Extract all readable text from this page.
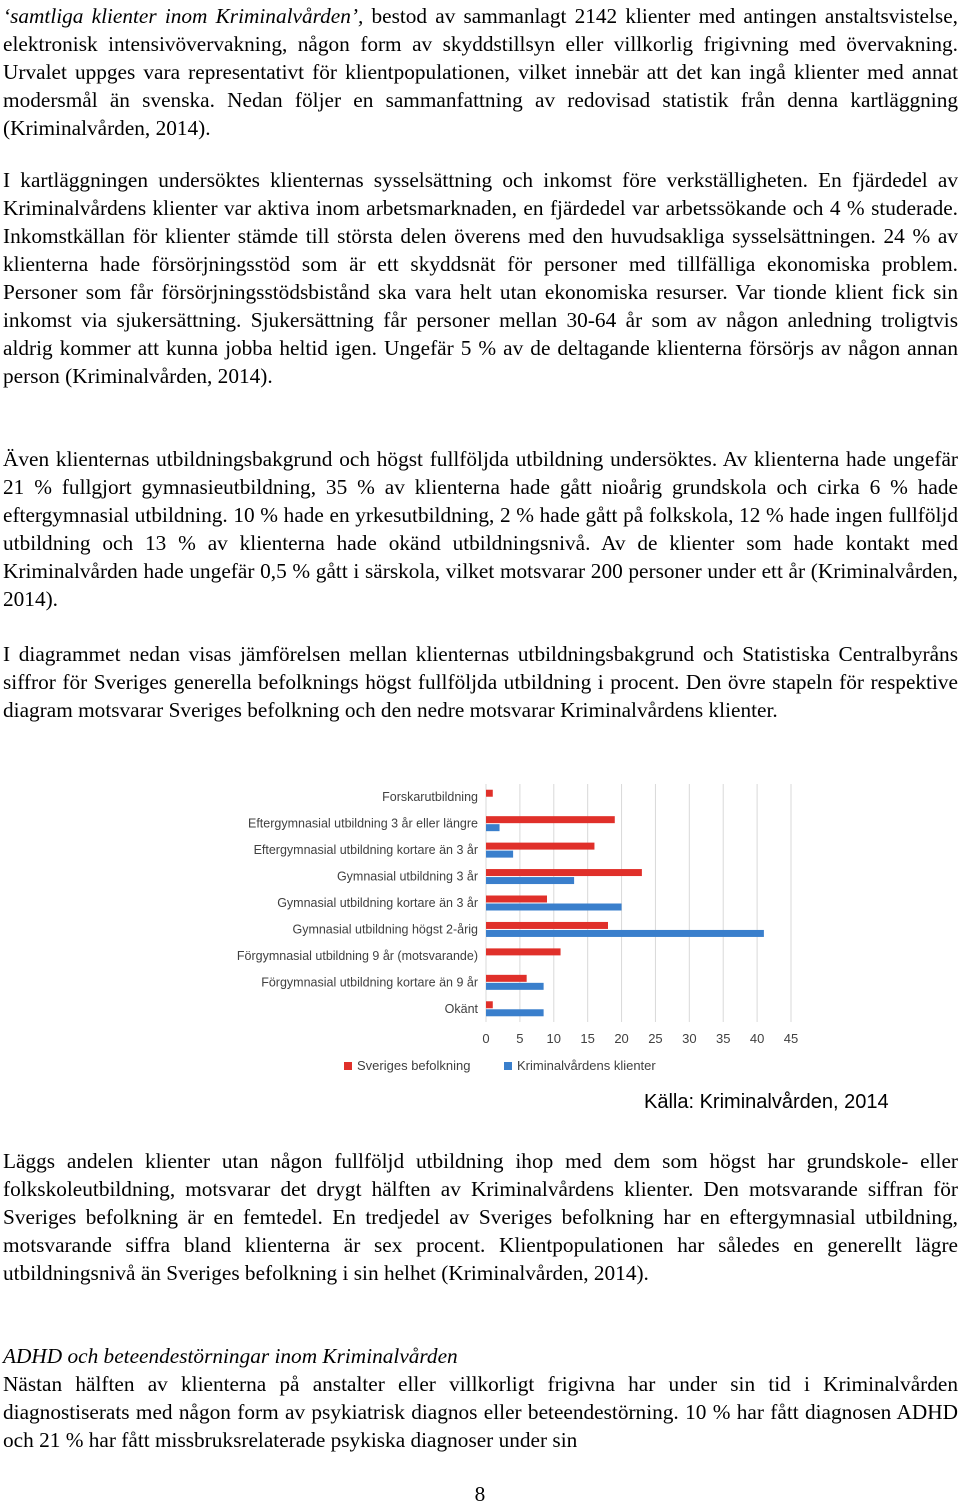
‘samtliga klienter inom Kriminalvården’, bestod av sammanlagt 2142 klienter med antingen anstaltsvistelse, elektronisk intensivövervakning, någon form av skyddstillsyn eller villkorlig frigivning med övervakning. Urvalet uppges vara representativt för klientpopulationen, vilket innebär att det kan ingå klienter med annat modersmål än svenska. Nedan följer en sammanfattning av redovisad statistik från denna kartläggning (Kriminalvården, 2014).

I kartläggningen undersöktes klienternas sysselsättning och inkomst före verkställigheten. En fjärdedel av Kriminalvårdens klienter var aktiva inom arbetsmarknaden, en fjärdedel var arbetssökande och 4 % studerade. Inkomstkällan för klienter stämde till största delen överens med den huvudsakliga sysselsättningen. 24 % av klienterna hade försörjningsstöd som är ett skyddsnät för personer med tillfälliga ekonomiska problem. Personer som får försörjningsstödsbistånd ska vara helt utan ekonomiska resurser. Var tionde klient fick sin inkomst via sjukersättning. Sjukersättning får personer mellan 30-64 år som av någon anledning troligtvis aldrig kommer att kunna jobba heltid igen. Ungefär 5 % av de deltagande klienterna försörjs av någon annan person (Kriminalvården, 2014).

Även klienternas utbildningsbakgrund och högst fullföljda utbildning undersöktes. Av klienterna hade ungefär 21 % fullgjort gymnasieutbildning, 35 % av klienterna hade gått nioårig grundskola och cirka 6 % hade eftergymnasial utbildning. 10 % hade en yrkesutbildning, 2 % hade gått på folkskola, 12 % hade ingen fullföljd utbildning och 13 % av klienterna hade okänd utbildningsnivå. Av de klienter som hade kontakt med Kriminalvården hade ungefär 0,5 % gått i särskola, vilket motsvarar 200 personer under ett år (Kriminalvården, 2014).

I diagrammet nedan visas jämförelsen mellan klienternas utbildningsbakgrund och Statistiska Centralbyråns siffror för Sveriges generella befolknings högst fullföljda utbildning i procent. Den övre stapeln för respektive diagram motsvarar Sveriges befolkning och den nedre motsvarar Kriminalvårdens klienter.

0 5 10 15 20 25 30 35 40 45
Forskarutbildning
Eftergymnasial utbildning 3 år eller längre
Eftergymnasial utbildning kortare än 3 år
Gymnasial utbildning 3 år
Gymnasial utbildning kortare än 3 år
Gymnasial utbildning högst 2-årig
Förgymnasial utbildning 9 år (motsvarande)
Förgymnasial utbildning kortare än 9 år
Okänt
Sveriges befolkning	Kriminalvårdens klienter

Källa: Kriminalvården, 2014

Läggs andelen klienter utan någon fullföljd utbildning ihop med dem som högst har grundskole- eller folkskoleutbildning, motsvarar det drygt hälften av Kriminalvårdens klienter. Den motsvarande siffran för Sveriges befolkning är en femtedel. En tredjedel av Sveriges befolkning har en eftergymnasial utbildning, motsvarande siffra bland klienterna är sex procent. Klientpopulationen har således en generellt lägre utbildningsnivå än Sveriges befolkning i sin helhet (Kriminalvården, 2014).

ADHD och beteendestörningar inom Kriminalvården

Nästan hälften av klienterna på anstalter eller villkorligt frigivna har under sin tid i Kriminalvården diagnostiserats med någon form av psykiatrisk diagnos eller beteendestörning. 10 % har fått diagnosen ADHD och 21 % har fått missbruksrelaterade psykiska diagnoser under sin

8
